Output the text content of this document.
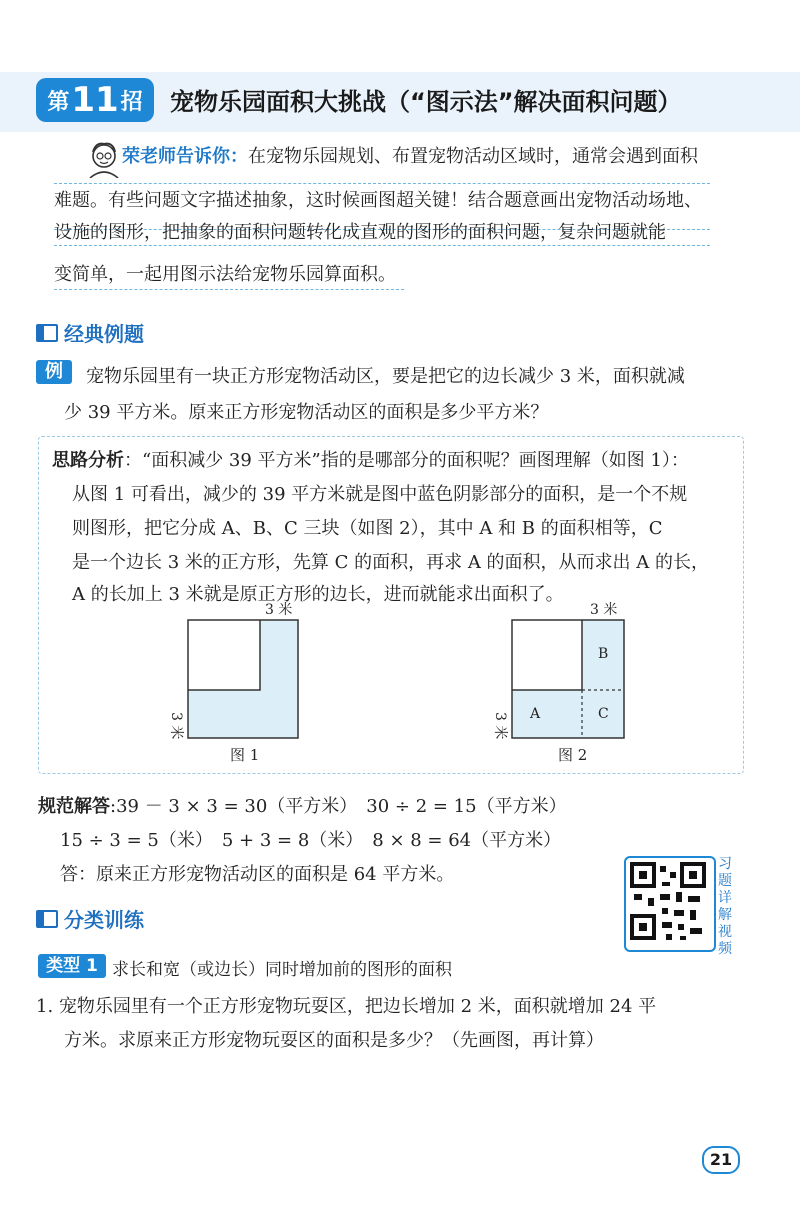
第 11 招 宠物乐园面积大挑战（“图示法”解决面积问题）
荣老师告诉你：在宠物乐园规划、布置宠物活动区域时，通常会遇到面积
难题。有些问题文字描述抽象，这时候画图超关键！结合题意画出宠物活动场地、
设施的图形，把抽象的面积问题转化成直观的图形的面积问题，复杂问题就能
变简单，一起用图示法给宠物乐园算面积。
经典例题
例	宠物乐园里有一块正方形宠物活动区，要是把它的边长减少 3 米，面积就减
少 39 平方米。原来正方形宠物活动区的面积是多少平方米？
思路分析：“面积减少 39 平方米”指的是哪部分的面积呢？画图理解（如图 1）：
从图 1 可看出，减少的 39 平方米就是图中蓝色阴影部分的面积，是一个不规
则图形，把它分成 A、B、C 三块（如图 2），其中 A 和 B 的面积相等，C
是一个边长 3 米的正方形，先算 C 的面积，再求 A 的面积，从而求出 A 的长，
A 的长加上 3 米就是原正方形的边长，进而就能求出面积了。
3 米
3 米
图 1
3 米
3 米 A
B
C
图 2
规范解答:39 － 3 × 3 = 30（平方米）　30 ÷ 2 = 15（平方米）
15 ÷ 3 = 5（米）　5 + 3 = 8（米）　8 × 8 = 64（平方米）
答：原来正方形宠物活动区的面积是 64 平方米。	习题详解视频
分类训练
类型 1 求长和宽（或边长）同时增加前的图形的面积
1. 宠物乐园里有一个正方形宠物玩耍区，把边长增加 2 米，面积就增加 24 平
方米。求原来正方形宠物玩耍区的面积是多少？（先画图，再计算）
21
